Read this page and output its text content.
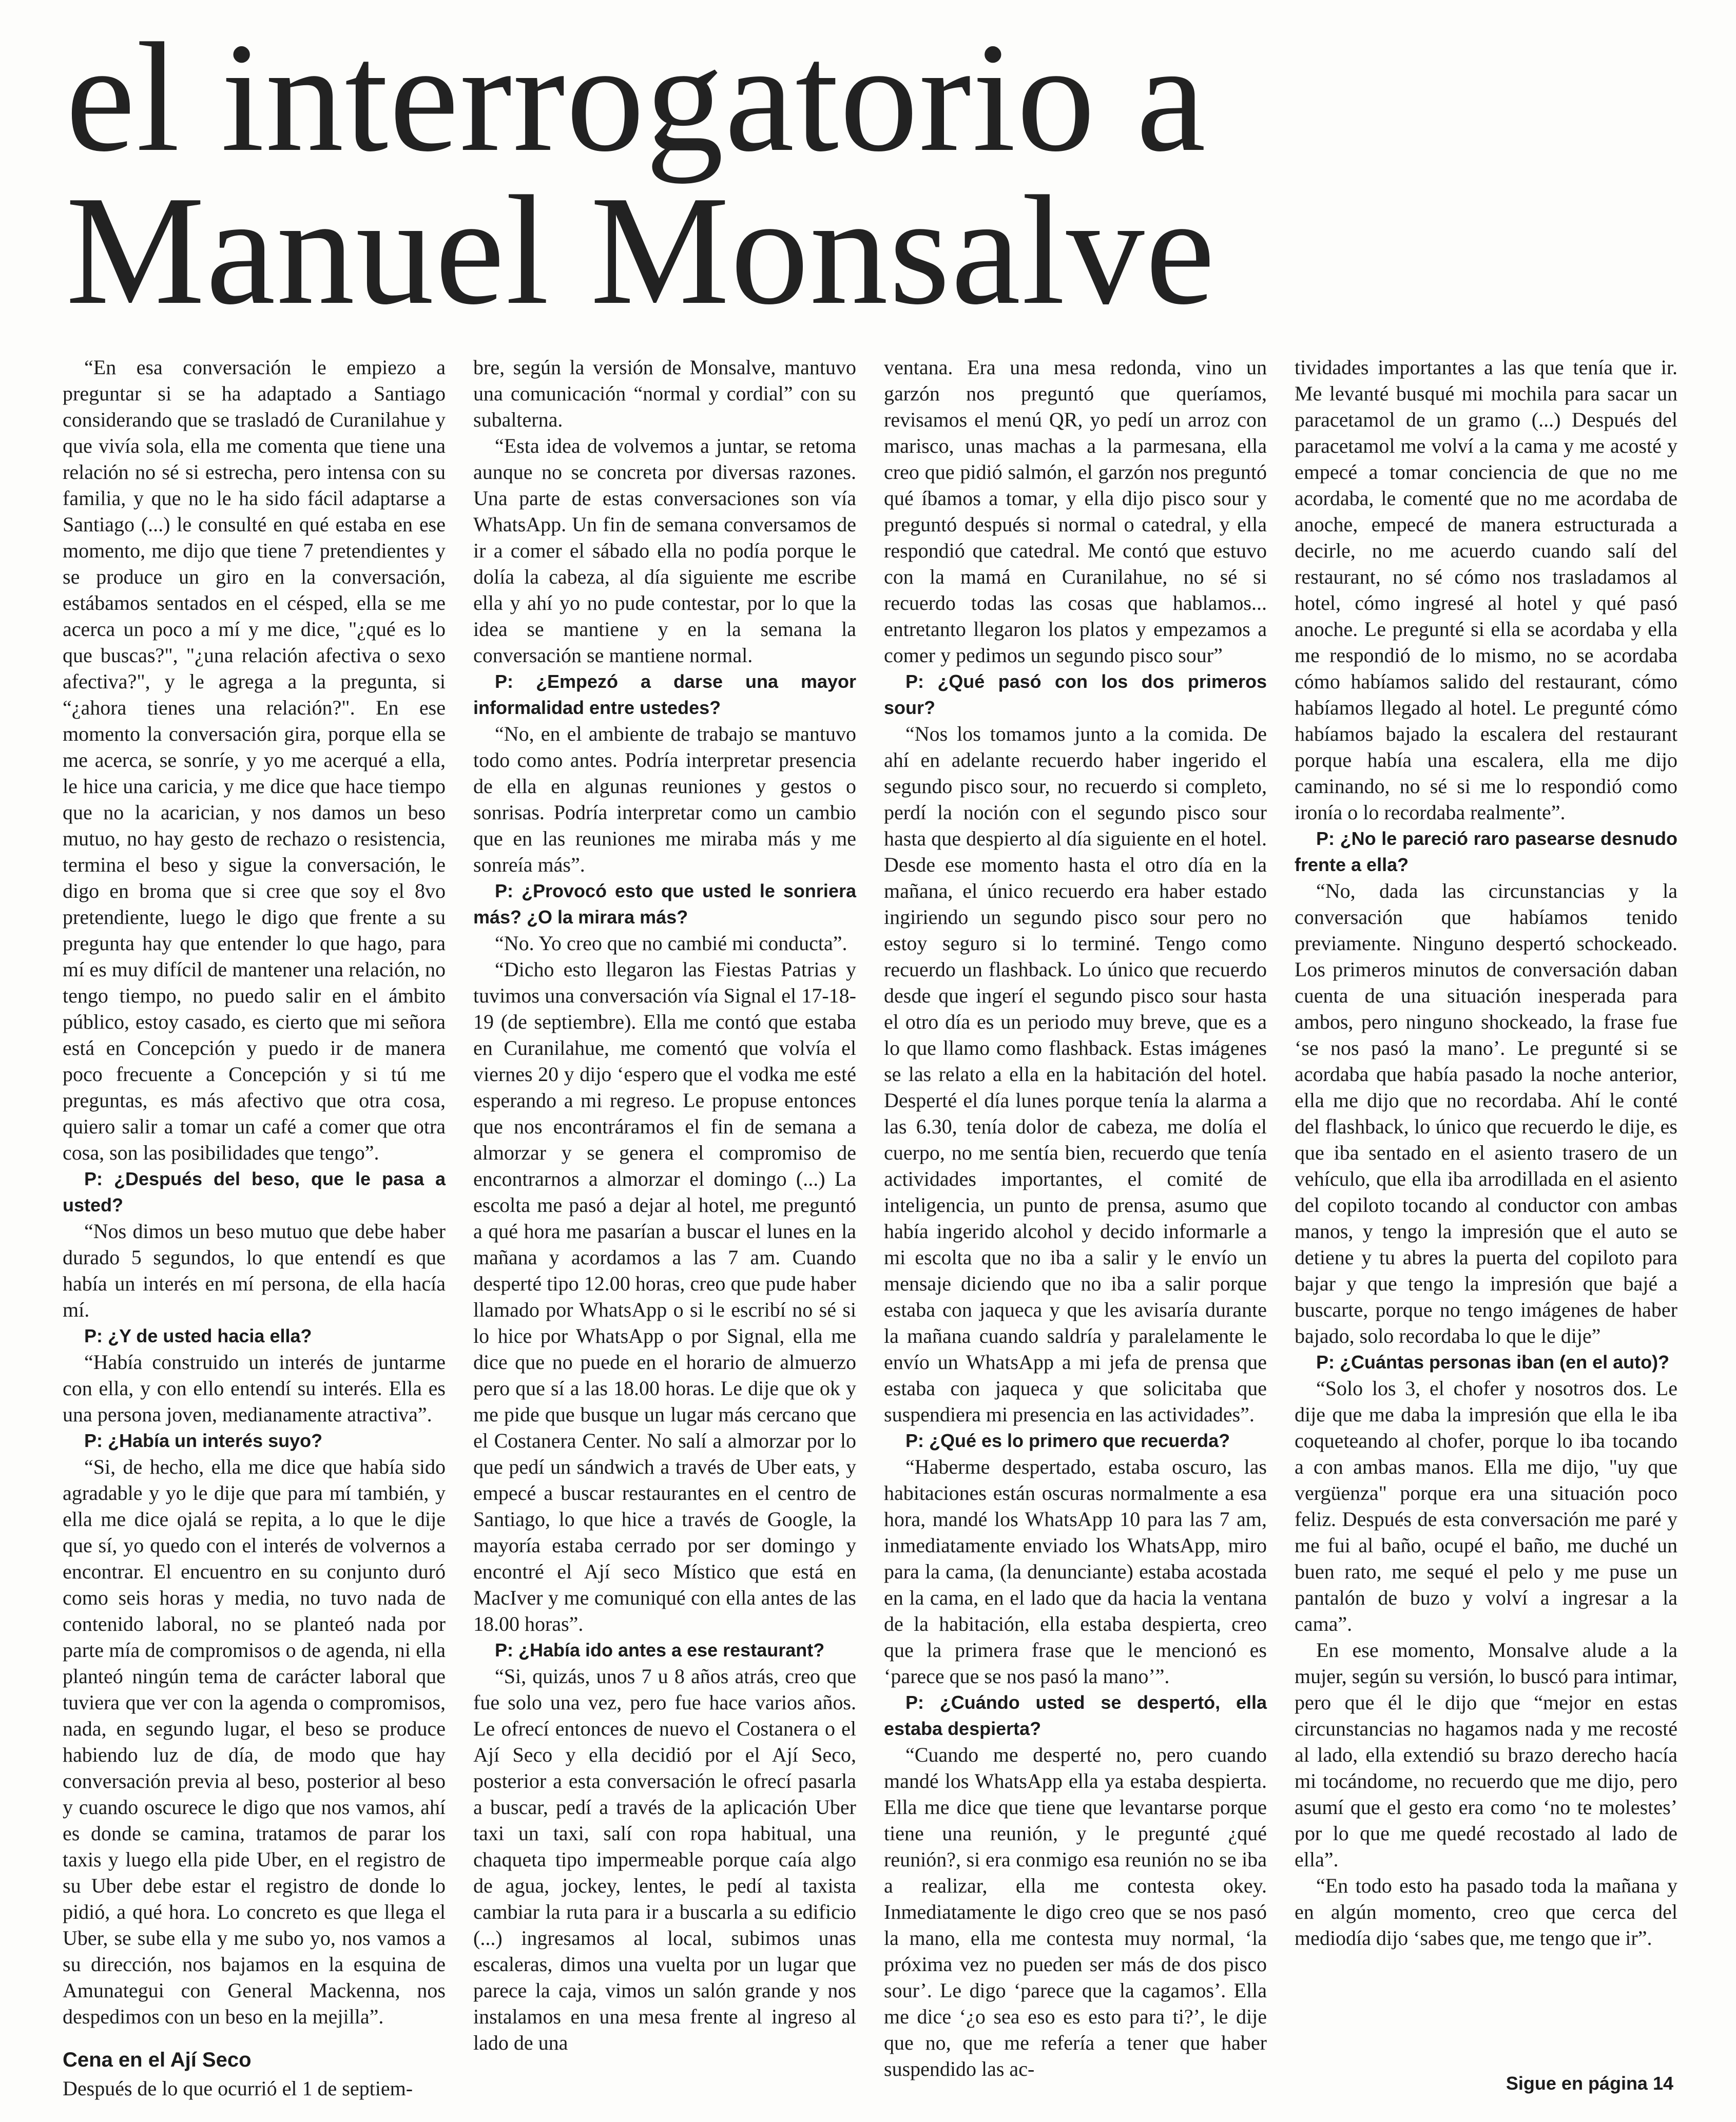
el interrogatorio a
Manuel Monsalve

“En esa conversación le empiezo a preguntar si se ha adaptado a Santiago considerando que se trasladó de Curanilahue y que vivía sola, ella me comenta que tiene una relación no sé si estrecha, pero intensa con su familia, y que no le ha sido fácil adaptarse a Santiago (...) le consulté en qué estaba en ese momento, me dijo que tiene 7 pretendientes y se produce un giro en la conversación, estábamos sentados en el césped, ella se me acerca un poco a mí y me dice, "¿qué es lo que buscas?", "¿una relación afectiva o sexo afectiva?", y le agrega a la pregunta, si “¿ahora tienes una relación?". En ese momento la conversación gira, porque ella se me acerca, se sonríe, y yo me acerqué a ella, le hice una caricia, y me dice que hace tiempo que no la acarician, y nos damos un beso mutuo, no hay gesto de rechazo o resistencia, termina el beso y sigue la conversación, le digo en broma que si cree que soy el 8vo pretendiente, luego le digo que frente a su pregunta hay que entender lo que hago, para mí es muy difícil de mantener una relación, no tengo tiempo, no puedo salir en el ámbito público, estoy casado, es cierto que mi señora está en Concepción y puedo ir de manera poco frecuente a Concepción y si tú me preguntas, es más afectivo que otra cosa, quiero salir a tomar un café a comer que otra cosa, son las posibilidades que tengo”.

P: ¿Después del beso, que le pasa a usted?

“Nos dimos un beso mutuo que debe haber durado 5 segundos, lo que entendí es que había un interés en mí persona, de ella hacía mí.

P: ¿Y de usted hacia ella?

“Había construido un interés de juntarme con ella, y con ello entendí su interés. Ella es una persona joven, medianamente atractiva”.

P: ¿Había un interés suyo?

“Si, de hecho, ella me dice que había sido agradable y yo le dije que para mí también, y ella me dice ojalá se repita, a lo que le dije que sí, yo quedo con el interés de volvernos a encontrar. El encuentro en su conjunto duró como seis horas y media, no tuvo nada de contenido laboral, no se planteó nada por parte mía de compromisos o de agenda, ni ella planteó ningún tema de carácter laboral que tuviera que ver con la agenda o compromisos, nada, en segundo lugar, el beso se produce habiendo luz de día, de modo que hay conversación previa al beso, posterior al beso y cuando oscurece le digo que nos vamos, ahí es donde se camina, tratamos de parar los taxis y luego ella pide Uber, en el registro de su Uber debe estar el registro de donde lo pidió, a qué hora. Lo concreto es que llega el Uber, se sube ella y me subo yo, nos vamos a su dirección, nos bajamos en la esquina de Amunategui con General Mackenna, nos despedimos con un beso en la mejilla”.

Cena en el Ají Seco

Después de lo que ocurrió el 1 de septiem-

bre, según la versión de Monsalve, mantuvo una comunicación “normal y cordial” con su subalterna.

“Esta idea de volvemos a juntar, se retoma aunque no se concreta por diversas razones. Una parte de estas conversaciones son vía WhatsApp. Un fin de semana conversamos de ir a comer el sábado ella no podía porque le dolía la cabeza, al día siguiente me escribe ella y ahí yo no pude contestar, por lo que la idea se mantiene y en la semana la conversación se mantiene normal.

P: ¿Empezó a darse una mayor informalidad entre ustedes?

“No, en el ambiente de trabajo se mantuvo todo como antes. Podría interpretar presencia de ella en algunas reuniones y gestos o sonrisas. Podría interpretar como un cambio que en las reuniones me miraba más y me sonreía más”.

P: ¿Provocó esto que usted le sonriera más? ¿O la mirara más?

“No. Yo creo que no cambié mi conducta”.

“Dicho esto llegaron las Fiestas Patrias y tuvimos una conversación vía Signal el 17-18-19 (de septiembre). Ella me contó que estaba en Curanilahue, me comentó que volvía el viernes 20 y dijo ‘espero que el vodka me esté esperando a mi regreso. Le propuse entonces que nos encontráramos el fin de semana a almorzar y se genera el compromiso de encontrarnos a almorzar el domingo (...) La escolta me pasó a dejar al hotel, me preguntó a qué hora me pasarían a buscar el lunes en la mañana y acordamos a las 7 am. Cuando desperté tipo 12.00 horas, creo que pude haber llamado por WhatsApp o si le escribí no sé si lo hice por WhatsApp o por Signal, ella me dice que no puede en el horario de almuerzo pero que sí a las 18.00 horas. Le dije que ok y me pide que busque un lugar más cercano que el Costanera Center. No salí a almorzar por lo que pedí un sándwich a través de Uber eats, y empecé a buscar restaurantes en el centro de Santiago, lo que hice a través de Google, la mayoría estaba cerrado por ser domingo y encontré el Ají seco Místico que está en MacIver y me comuniqué con ella antes de las 18.00 horas”.

P: ¿Había ido antes a ese restaurant?

“Si, quizás, unos 7 u 8 años atrás, creo que fue solo una vez, pero fue hace varios años. Le ofrecí entonces de nuevo el Costanera o el Ají Seco y ella decidió por el Ají Seco, posterior a esta conversación le ofrecí pasarla a buscar, pedí a través de la aplicación Uber taxi un taxi, salí con ropa habitual, una chaqueta tipo impermeable porque caía algo de agua, jockey, lentes, le pedí al taxista cambiar la ruta para ir a buscarla a su edificio (...) ingresamos al local, subimos unas escaleras, dimos una vuelta por un lugar que parece la caja, vimos un salón grande y nos instalamos en una mesa frente al ingreso al lado de una

ventana. Era una mesa redonda, vino un garzón nos preguntó que queríamos, revisamos el menú QR, yo pedí un arroz con marisco, unas machas a la parmesana, ella creo que pidió salmón, el garzón nos preguntó qué íbamos a tomar, y ella dijo pisco sour y preguntó después si normal o catedral, y ella respondió que catedral. Me contó que estuvo con la mamá en Curanilahue, no sé si recuerdo todas las cosas que hablamos... entretanto llegaron los platos y empezamos a comer y pedimos un segundo pisco sour”

P: ¿Qué pasó con los dos primeros sour?

“Nos los tomamos junto a la comida. De ahí en adelante recuerdo haber ingerido el segundo pisco sour, no recuerdo si completo, perdí la noción con el segundo pisco sour hasta que despierto al día siguiente en el hotel. Desde ese momento hasta el otro día en la mañana, el único recuerdo era haber estado ingiriendo un segundo pisco sour pero no estoy seguro si lo terminé. Tengo como recuerdo un flashback. Lo único que recuerdo desde que ingerí el segundo pisco sour hasta el otro día es un periodo muy breve, que es a lo que llamo como flashback. Estas imágenes se las relato a ella en la habitación del hotel. Desperté el día lunes porque tenía la alarma a las 6.30, tenía dolor de cabeza, me dolía el cuerpo, no me sentía bien, recuerdo que tenía actividades importantes, el comité de inteligencia, un punto de prensa, asumo que había ingerido alcohol y decido informarle a mi escolta que no iba a salir y le envío un mensaje diciendo que no iba a salir porque estaba con jaqueca y que les avisaría durante la mañana cuando saldría y paralelamente le envío un WhatsApp a mi jefa de prensa que estaba con jaqueca y que solicitaba que suspendiera mi presencia en las actividades”.

P: ¿Qué es lo primero que recuerda?

“Haberme despertado, estaba oscuro, las habitaciones están oscuras normalmente a esa hora, mandé los WhatsApp 10 para las 7 am, inmediatamente enviado los WhatsApp, miro para la cama, (la denunciante) estaba acostada en la cama, en el lado que da hacia la ventana de la habitación, ella estaba despierta, creo que la primera frase que le mencionó es ‘parece que se nos pasó la mano’”.

P: ¿Cuándo usted se despertó, ella estaba despierta?

“Cuando me desperté no, pero cuando mandé los WhatsApp ella ya estaba despierta. Ella me dice que tiene que levantarse porque tiene una reunión, y le pregunté ¿qué reunión?, si era conmigo esa reunión no se iba a realizar, ella me contesta okey. Inmediatamente le digo creo que se nos pasó la mano, ella me contesta muy normal, ‘la próxima vez no pueden ser más de dos pisco sour’. Le digo ‘parece que la cagamos’. Ella me dice ‘¿o sea eso es esto para ti?’, le dije que no, que me refería a tener que haber suspendido las ac-

tividades importantes a las que tenía que ir. Me levanté busqué mi mochila para sacar un paracetamol de un gramo (...) Después del paracetamol me volví a la cama y me acosté y empecé a tomar conciencia de que no me acordaba, le comenté que no me acordaba de anoche, empecé de manera estructurada a decirle, no me acuerdo cuando salí del restaurant, no sé cómo nos trasladamos al hotel, cómo ingresé al hotel y qué pasó anoche. Le pregunté si ella se acordaba y ella me respondió de lo mismo, no se acordaba cómo habíamos salido del restaurant, cómo habíamos llegado al hotel. Le pregunté cómo habíamos bajado la escalera del restaurant porque había una escalera, ella me dijo caminando, no sé si me lo respondió como ironía o lo recordaba realmente”.

P: ¿No le pareció raro pasearse desnudo frente a ella?

“No, dada las circunstancias y la conversación que habíamos tenido previamente. Ninguno despertó schockeado. Los primeros minutos de conversación daban cuenta de una situación inesperada para ambos, pero ninguno shockeado, la frase fue ‘se nos pasó la mano’. Le pregunté si se acordaba que había pasado la noche anterior, ella me dijo que no recordaba. Ahí le conté del flashback, lo único que recuerdo le dije, es que iba sentado en el asiento trasero de un vehículo, que ella iba arrodillada en el asiento del copiloto tocando al conductor con ambas manos, y tengo la impresión que el auto se detiene y tu abres la puerta del copiloto para bajar y que tengo la impresión que bajé a buscarte, porque no tengo imágenes de haber bajado, solo recordaba lo que le dije”

P: ¿Cuántas personas iban (en el auto)?

“Solo los 3, el chofer y nosotros dos. Le dije que me daba la impresión que ella le iba coqueteando al chofer, porque lo iba tocando a con ambas manos. Ella me dijo, "uy que vergüenza" porque era una situación poco feliz. Después de esta conversación me paré y me fui al baño, ocupé el baño, me duché un buen rato, me sequé el pelo y me puse un pantalón de buzo y volví a ingresar a la cama”.

En ese momento, Monsalve alude a la mujer, según su versión, lo buscó para intimar, pero que él le dijo que “mejor en estas circunstancias no hagamos nada y me recosté al lado, ella extendió su brazo derecho hacía mi tocándome, no recuerdo que me dijo, pero asumí que el gesto era como ‘no te molestes’ por lo que me quedé recostado al lado de ella”.

“En todo esto ha pasado toda la mañana y en algún momento, creo que cerca del mediodía dijo ‘sabes que, me tengo que ir”.

Sigue en página 14
